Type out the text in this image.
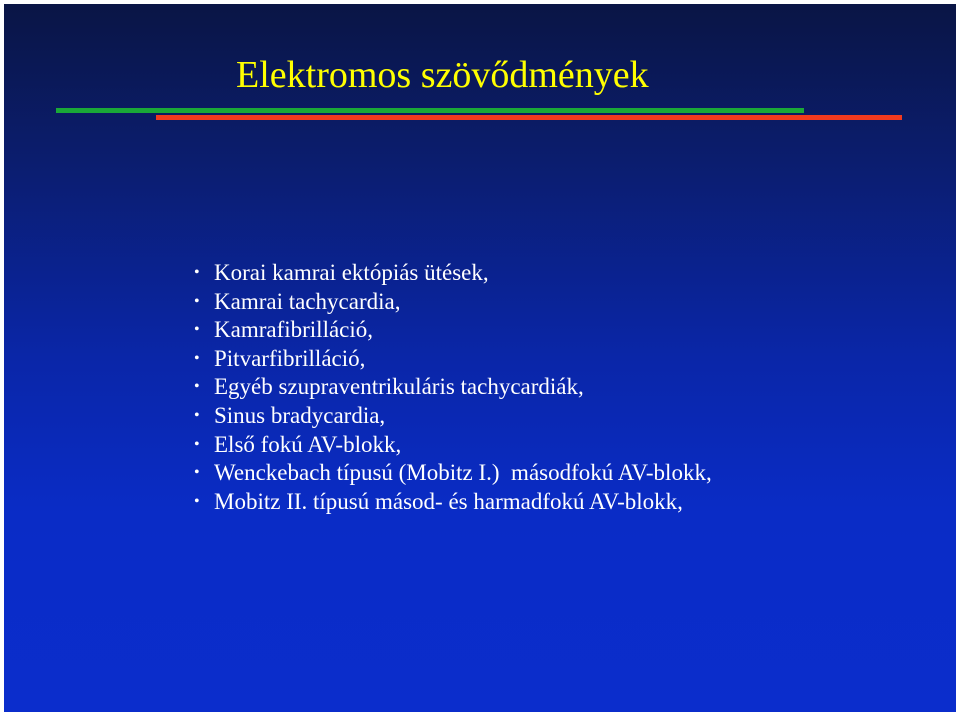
Elektromos szövődmények
• Korai kamrai ektópiás ütések,
• Kamrai tachycardia,
• Kamrafibrilláció,
• Pitvarfibrilláció,
• Egyéb szupraventrikuláris tachycardiák,
• Sinus bradycardia,
• Első fokú AV-blokk,
• Wenckebach típusú (Mobitz I.)  másodfokú AV-blokk,
• Mobitz II. típusú másod- és harmadfokú AV-blokk,
